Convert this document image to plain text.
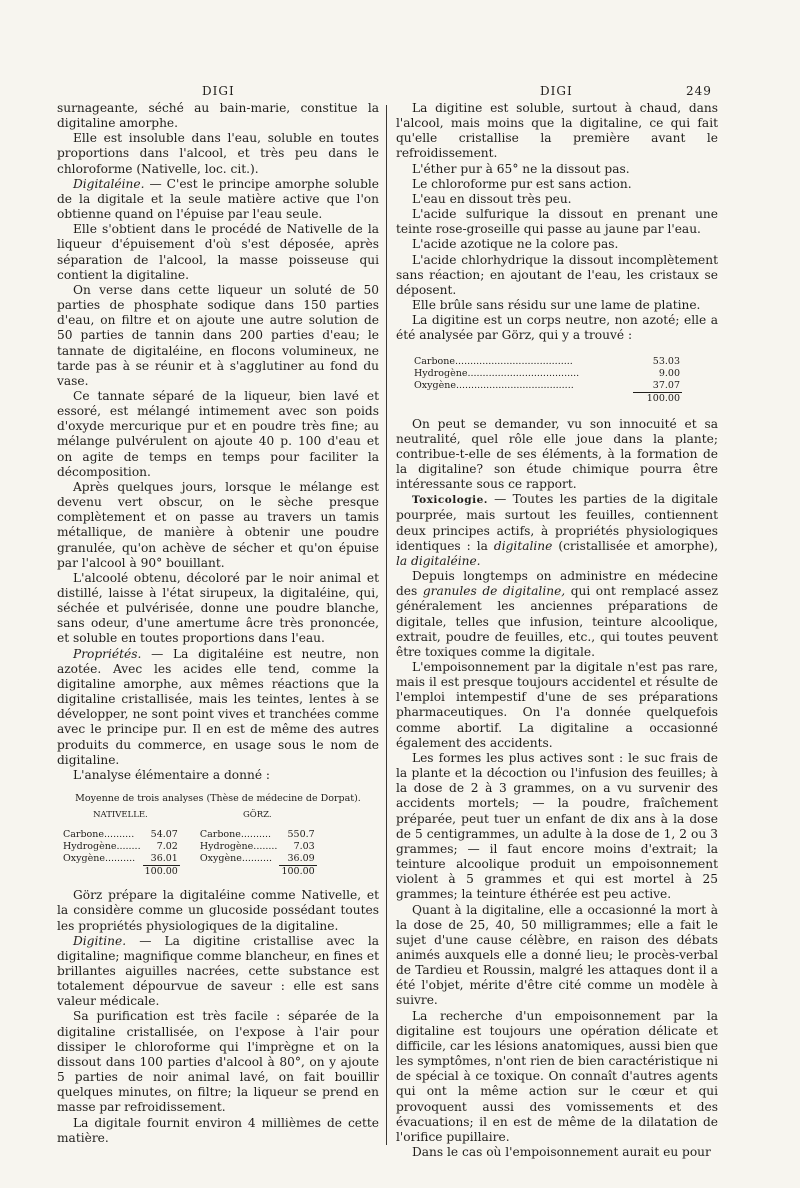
DIGI	DIGI	249

surnageante, séché au bain-marie, constitue la digitaline amorphe.

Elle est insoluble dans l'eau, soluble en toutes proportions dans l'alcool, et très peu dans le chloroforme (Nativelle, loc. cit.).

Digitaléine. — C'est le principe amorphe soluble de la digitale et la seule matière active que l'on obtienne quand on l'épuise par l'eau seule.

Elle s'obtient dans le procédé de Nativelle de la liqueur d'épuisement d'où s'est déposée, après séparation de l'alcool, la masse poisseuse qui contient la digitaline.

On verse dans cette liqueur un soluté de 50 parties de phosphate sodique dans 150 parties d'eau, on filtre et on ajoute une autre solution de 50 parties de tannin dans 200 parties d'eau; le tannate de digitaléine, en flocons volumineux, ne tarde pas à se réunir et à s'agglutiner au fond du vase.

Ce tannate séparé de la liqueur, bien lavé et essoré, est mélangé intimement avec son poids d'oxyde mercurique pur et en poudre très fine; au mélange pulvérulent on ajoute 40 p. 100 d'eau et on agite de temps en temps pour faciliter la décomposition.

Après quelques jours, lorsque le mélange est devenu vert obscur, on le sèche presque complètement et on passe au travers un tamis métallique, de manière à obtenir une poudre granulée, qu'on achève de sécher et qu'on épuise par l'alcool à 90° bouillant.

L'alcoolé obtenu, décoloré par le noir animal et distillé, laisse à l'état sirupeux, la digitaléine, qui, séchée et pulvérisée, donne une poudre blanche, sans odeur, d'une amertume âcre très prononcée, et soluble en toutes proportions dans l'eau.

Propriétés. — La digitaléine est neutre, non azotée. Avec les acides elle tend, comme la digitaline amorphe, aux mêmes réactions que la digitaline cristallisée, mais les teintes, lentes à se développer, ne sont point vives et tranchées comme avec le principe pur. Il en est de même des autres produits du commerce, en usage sous le nom de digitaline.

L'analyse élémentaire a donné :

Moyenne de trois analyses (Thèse de médecine de Dorpat).
NATIVELLE.			GÖRZ.	

Carbone..........	54.07		Carbone..........	550.7
Hydrogène........	7.02		Hydrogène........	7.03
Oxygène..........	36.01		Oxygène..........	36.09
	100.00			100.00

Görz prépare la digitaléine comme Nativelle, et la considère comme un glucoside possédant toutes les propriétés physiologiques de la digitaline.

Digitine. — La digitine cristallise avec la digitaline; magnifique comme blancheur, en fines et brillantes aiguilles nacrées, cette substance est totalement dépourvue de saveur : elle est sans valeur médicale.

Sa purification est très facile : séparée de la digitaline cristallisée, on l'expose à l'air pour dissiper le chloroforme qui l'imprègne et on la dissout dans 100 parties d'alcool à 80°, on y ajoute 5 parties de noir animal lavé, on fait bouillir quelques minutes, on filtre; la liqueur se prend en masse par refroidissement.

La digitale fournit environ 4 millièmes de cette matière.

La digitine est soluble, surtout à chaud, dans l'alcool, mais moins que la digitaline, ce qui fait qu'elle cristallise la première avant le refroidissement.

L'éther pur à 65° ne la dissout pas.

Le chloroforme pur est sans action.

L'eau en dissout très peu.

L'acide sulfurique la dissout en prenant une teinte rose-groseille qui passe au jaune par l'eau.

L'acide azotique ne la colore pas.

L'acide chlorhydrique la dissout incomplètement sans réaction; en ajoutant de l'eau, les cristaux se déposent.

Elle brûle sans résidu sur une lame de platine.

La digitine est un corps neutre, non azoté; elle a été analysée par Görz, qui y a trouvé :

Carbone.......................................	53.03
Hydrogène.....................................	9.00
Oxygène.......................................	37.07
	100.00

On peut se demander, vu son innocuité et sa neutralité, quel rôle elle joue dans la plante; contribue-t-elle de ses éléments, à la formation de la digitaline? son étude chimique pourra être intéressante sous ce rapport.

Toxicologie. — Toutes les parties de la digitale pourprée, mais surtout les feuilles, contiennent deux principes actifs, à propriétés physiologiques identiques : la digitaline (cristallisée et amorphe), la digitaléine.

Depuis longtemps on administre en médecine des granules de digitaline, qui ont remplacé assez généralement les anciennes préparations de digitale, telles que infusion, teinture alcoolique, extrait, poudre de feuilles, etc., qui toutes peuvent être toxiques comme la digitale.

L'empoisonnement par la digitale n'est pas rare, mais il est presque toujours accidentel et résulte de l'emploi intempestif d'une de ses préparations pharmaceutiques. On l'a donnée quelquefois comme abortif. La digitaline a occasionné également des accidents.

Les formes les plus actives sont : le suc frais de la plante et la décoction ou l'infusion des feuilles; à la dose de 2 à 3 grammes, on a vu survenir des accidents mortels; — la poudre, fraîchement préparée, peut tuer un enfant de dix ans à la dose de 5 centigrammes, un adulte à la dose de 1, 2 ou 3 grammes; — il faut encore moins d'extrait; la teinture alcoolique produit un empoisonnement violent à 5 grammes et qui est mortel à 25 grammes; la teinture éthérée est peu active.

Quant à la digitaline, elle a occasionné la mort à la dose de 25, 40, 50 milligrammes; elle a fait le sujet d'une cause célèbre, en raison des débats animés auxquels elle a donné lieu; le procès-verbal de Tardieu et Roussin, malgré les attaques dont il a été l'objet, mérite d'être cité comme un modèle à suivre.

La recherche d'un empoisonnement par la digitaline est toujours une opération délicate et difficile, car les lésions anatomiques, aussi bien que les symptômes, n'ont rien de bien caractéristique ni de spécial à ce toxique. On connaît d'autres agents qui ont la même action sur le cœur et qui provoquent aussi des vomissements et des évacuations; il en est de même de la dilatation de l'orifice pupillaire.

Dans le cas où l'empoisonnement aurait eu pour
